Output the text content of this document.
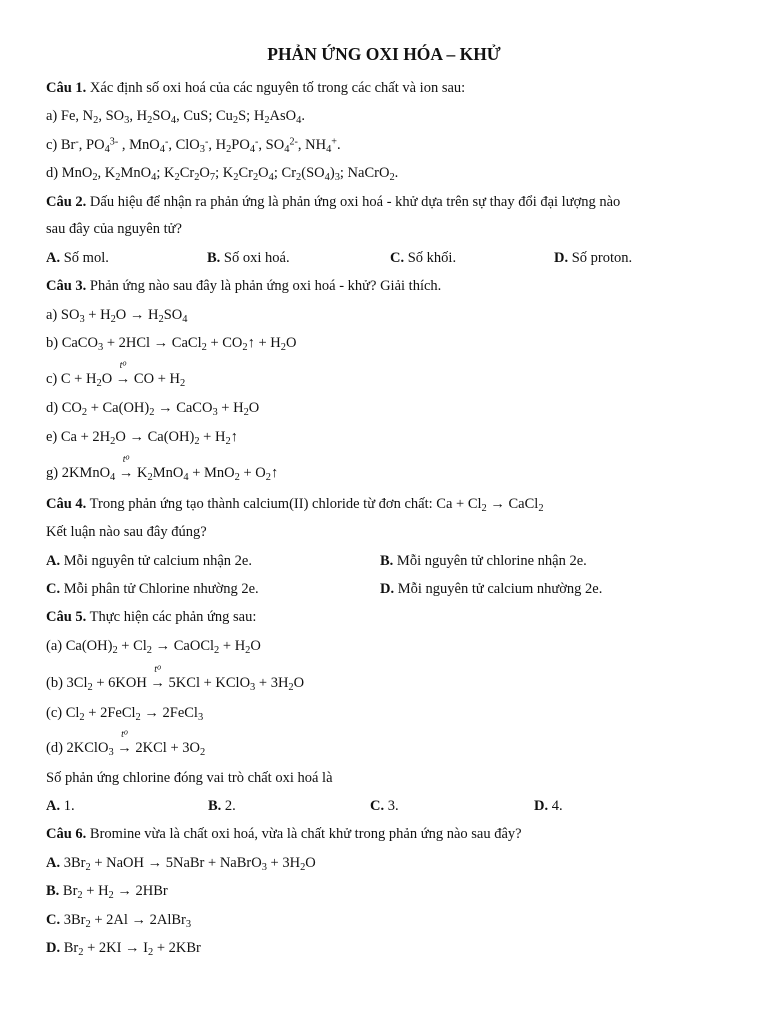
PHẢN ỨNG OXI HÓA – KHỬ
Câu 1. Xác định số oxi hoá của các nguyên tố trong các chất và ion sau:
a) Fe, $N_2$, $SO_3$, $H_2SO_4$, CuS; $Cu_2S$; $H_2AsO_4$.
c) Br-, $PO_4^{3-}$ , MnO$_4$-, ClO$_3$-, $H_2PO_4^-$, $SO_4^{2-}$, $NH_4^+$.
d) MnO$_2$, $K_2MnO_4$; $K_2Cr_2O_7$; $K_2Cr_2O_4$; $Cr_2(SO_4)_3$; NaCrO$_2$.
Câu 2. Dấu hiệu để nhận ra phản ứng là phản ứng oxi hoá - khử dựa trên sự thay đổi đại lượng nào
sau đây của nguyên tử?
A. Số mol.	B. Số oxi hoá.	C. Số khối.	D. Số proton.
Câu 3. Phản ứng nào sau đây là phản ứng oxi hoá - khử? Giải thích.
a) $SO_3 + H_2O \to H_2SO_4$
b) CaCO$_3$ + 2HCl → CaCl$_2$ + $CO_2↑ + H_2O$
c) $C + H_2O$
$t^o$
→ CO + $H_2$
d) $CO_2 + Ca(OH)_2$ → CaCO$_3$ + $H_2O$
e) $Ca + 2H_2O \to Ca(OH)_2$ + $H_2↑$
g) 2KMnO$_4$
$t^o$
→ $K_2MnO_4 + MnO_2$ + $O_2↑$
Câu 4. Trong phản ứng tạo thành calcium(II) chloride từ đơn chất: $Ca + Cl_2$ → CaCl$_2$
Kết luận nào sau đây đúng?
A. Mỗi nguyên tử calcium nhận 2e.	B. Mỗi nguyên tử chlorine nhận 2e.
C. Mỗi phân tử Chlorine nhường 2e.	D. Mỗi nguyên tử calcium nhường 2e.
Câu 5. Thực hiện các phản ứng sau:
(a) $Ca(OH)_2 + Cl_2$ → CaOCl$_2$ + $H_2O$
(b) $3Cl_2 + 6KOH$
$t^o$
→ 5KCl + KClO$_3$ + $3H_2O$
(c) $Cl_2$ + 2FeCl$_2$ → 2FeCl$_3$
(d) 2KClO$_3$
$t^o$
→ $2KCl + 3O_2$
Số phản ứng chlorine đóng vai trò chất oxi hoá là
A. 1.	B. 2.	C. 3.	D. 4.
Câu 6. Bromine vừa là chất oxi hoá, vừa là chất khử trong phản ứng nào sau đây?
A. $3Br_2$ + NaOH → 5NaBr + NaBrO$_3$ + $3H_2O$
B. $Br_2 + H_2 \to 2HBr$
C. $3Br_2 + 2Al$ → 2AlBr$_3$
D. $Br_2 + 2KI \to I_2 + 2KBr$
